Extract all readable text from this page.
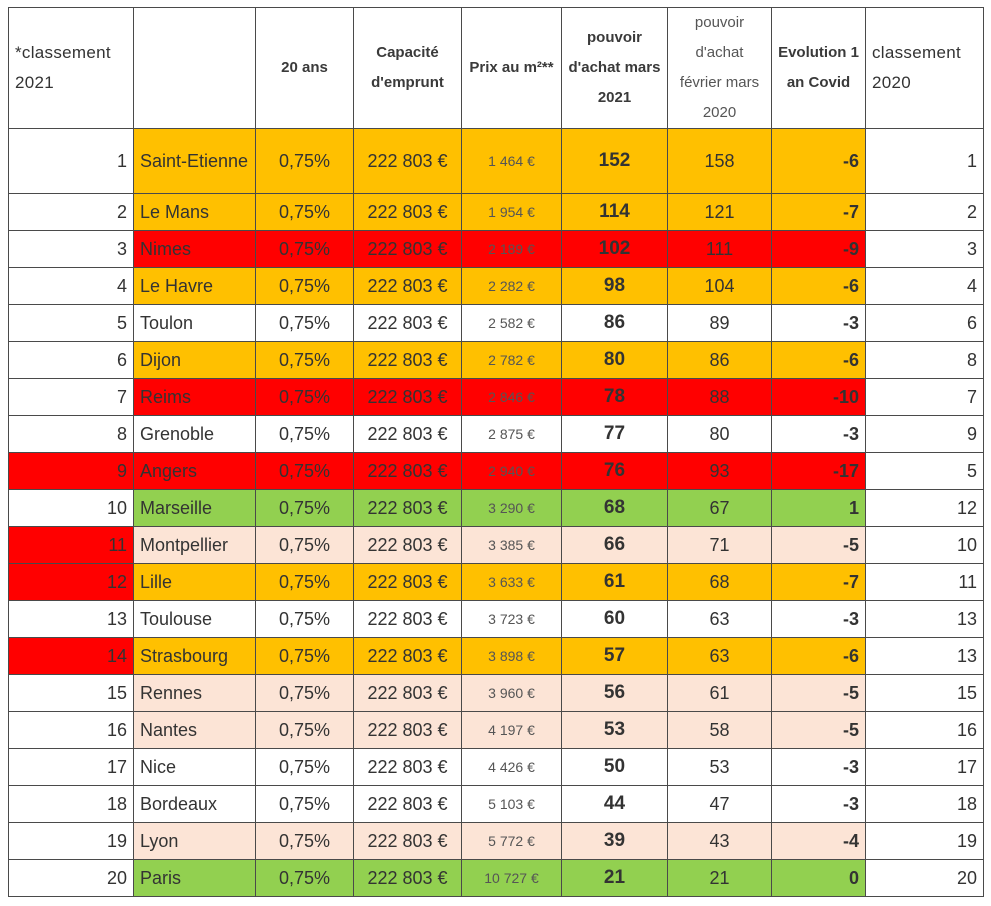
*classement 2021		20 ans	Capacité d'emprunt	Prix au m²**	pouvoir d'achat mars 2021	pouvoir d'achat février mars 2020	Evolution 1 an Covid	classement 2020
1	Saint-Etienne	0,75%	222 803 €	1 464 €	152	158	-6	1
2	Le Mans	0,75%	222 803 €	1 954 €	114	121	-7	2
3	Nimes	0,75%	222 803 €	2 189 €	102	111	-9	3
4	Le Havre	0,75%	222 803 €	2 282 €	98	104	-6	4
5	Toulon	0,75%	222 803 €	2 582 €	86	89	-3	6
6	Dijon	0,75%	222 803 €	2 782 €	80	86	-6	8
7	Reims	0,75%	222 803 €	2 846 €	78	88	-10	7
8	Grenoble	0,75%	222 803 €	2 875 €	77	80	-3	9
9	Angers	0,75%	222 803 €	2 940 €	76	93	-17	5
10	Marseille	0,75%	222 803 €	3 290 €	68	67	1	12
11	Montpellier	0,75%	222 803 €	3 385 €	66	71	-5	10
12	Lille	0,75%	222 803 €	3 633 €	61	68	-7	11
13	Toulouse	0,75%	222 803 €	3 723 €	60	63	-3	13
14	Strasbourg	0,75%	222 803 €	3 898 €	57	63	-6	13
15	Rennes	0,75%	222 803 €	3 960 €	56	61	-5	15
16	Nantes	0,75%	222 803 €	4 197 €	53	58	-5	16
17	Nice	0,75%	222 803 €	4 426 €	50	53	-3	17
18	Bordeaux	0,75%	222 803 €	5 103 €	44	47	-3	18
19	Lyon	0,75%	222 803 €	5 772 €	39	43	-4	19
20	Paris	0,75%	222 803 €	10 727 €	21	21	0	20
